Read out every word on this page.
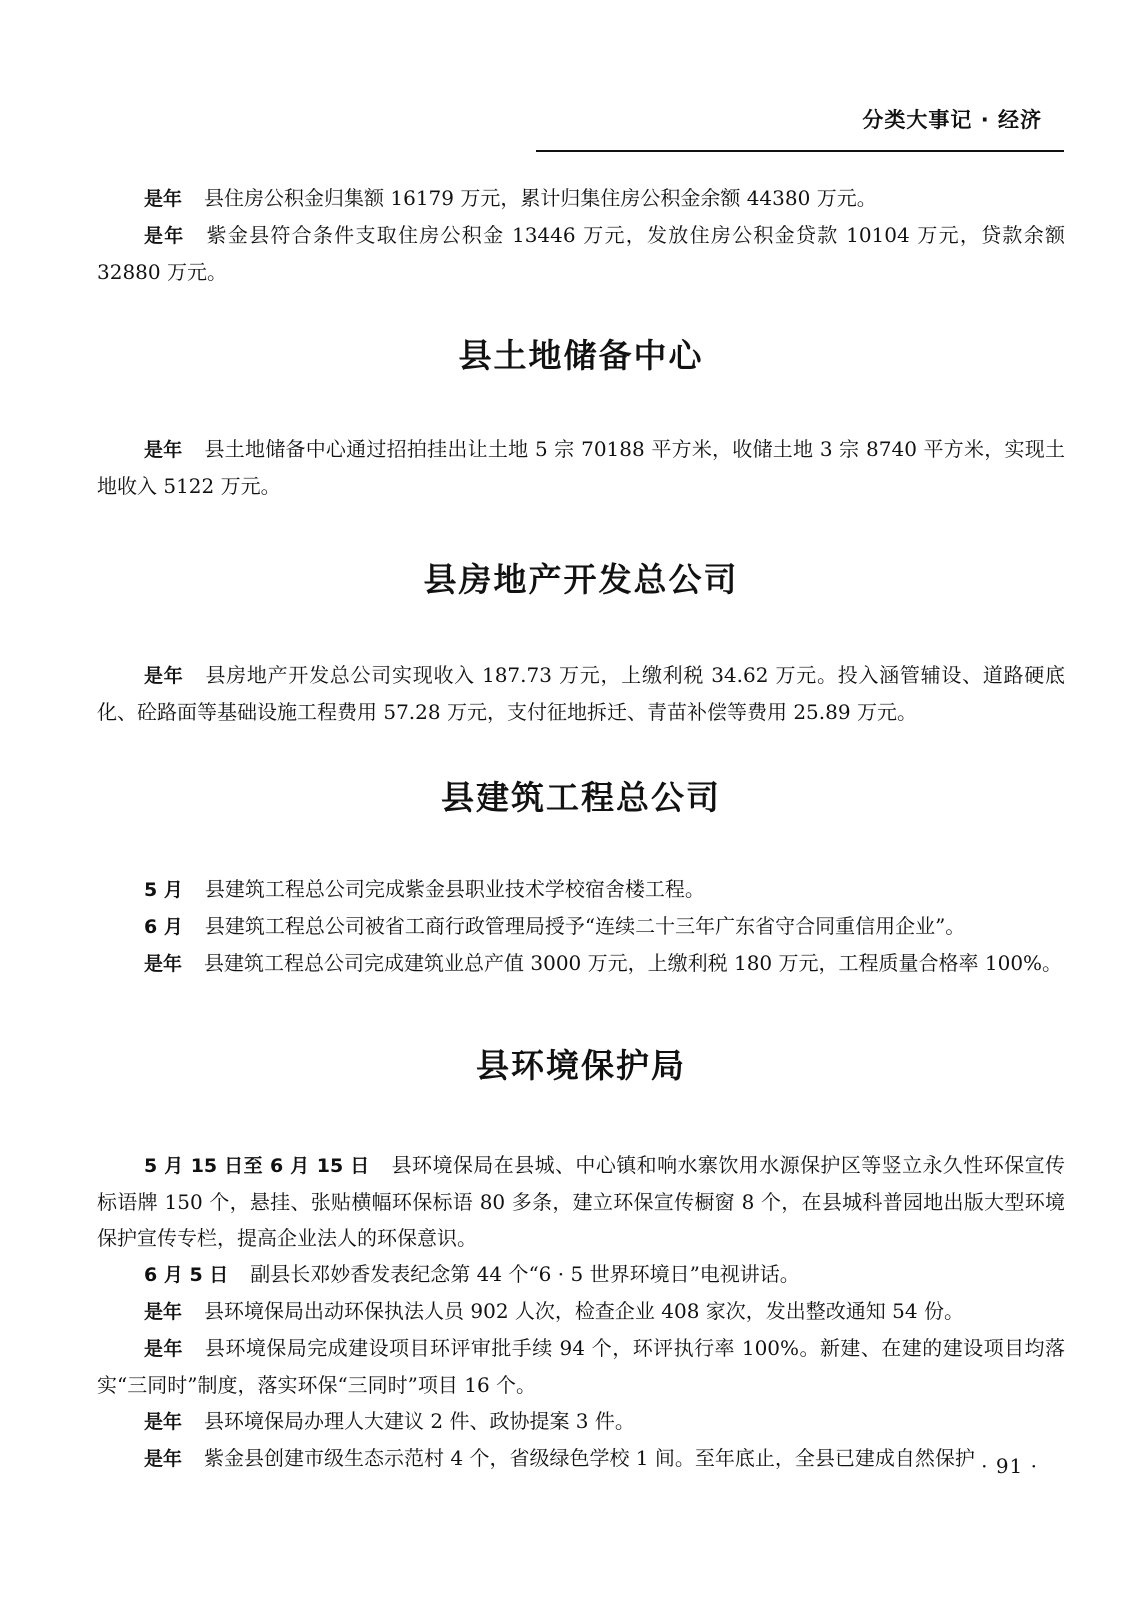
分类大事记 · 经济

是年 县住房公积金归集额 16179 万元，累计归集住房公积金余额 44380 万元。

是年 紫金县符合条件支取住房公积金 13446 万元，发放住房公积金贷款 10104 万元，贷款余额 32880 万元。

县土地储备中心

是年 县土地储备中心通过招拍挂出让土地 5 宗 70188 平方米，收储土地 3 宗 8740 平方米，实现土地收入 5122 万元。

县房地产开发总公司

是年 县房地产开发总公司实现收入 187.73 万元，上缴利税 34.62 万元。投入涵管辅设、道路硬底化、砼路面等基础设施工程费用 57.28 万元，支付征地拆迁、青苗补偿等费用 25.89 万元。

县建筑工程总公司

5 月 县建筑工程总公司完成紫金县职业技术学校宿舍楼工程。

6 月 县建筑工程总公司被省工商行政管理局授予“连续二十三年广东省守合同重信用企业”。

是年 县建筑工程总公司完成建筑业总产值 3000 万元，上缴利税 180 万元，工程质量合格率 100%。

县环境保护局

5 月 15 日至 6 月 15 日 县环境保局在县城、中心镇和响水寨饮用水源保护区等竖立永久性环保宣传标语牌 150 个，悬挂、张贴横幅环保标语 80 多条，建立环保宣传橱窗 8 个，在县城科普园地出版大型环境保护宣传专栏，提高企业法人的环保意识。

6 月 5 日 副县长邓妙香发表纪念第 44 个“6 · 5 世界环境日”电视讲话。

是年 县环境保局出动环保执法人员 902 人次，检查企业 408 家次，发出整改通知 54 份。

是年 县环境保局完成建设项目环评审批手续 94 个，环评执行率 100%。新建、在建的建设项目均落实“三同时”制度，落实环保“三同时”项目 16 个。

是年 县环境保局办理人大建议 2 件、政协提案 3 件。

是年 紫金县创建市级生态示范村 4 个，省级绿色学校 1 间。至年底止，全县已建成自然保护 · 91 ·
